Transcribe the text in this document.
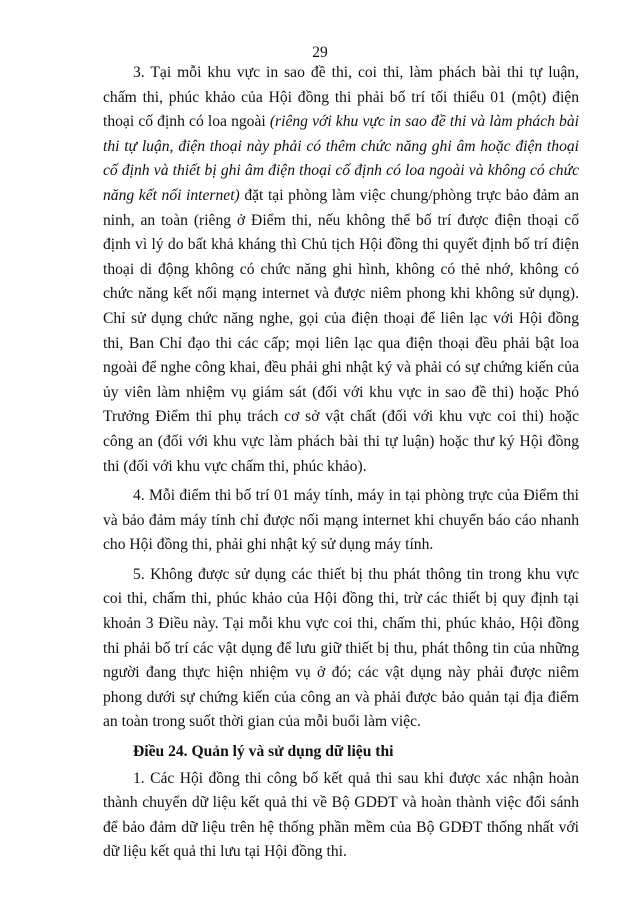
29

3. Tại mỗi khu vực in sao đề thi, coi thi, làm phách bài thi tự luận, chấm thi, phúc khảo của Hội đồng thi phải bố trí tối thiểu 01 (một) điện thoại cố định có loa ngoài (riêng với khu vực in sao đề thi và làm phách bài thi tự luận, điện thoại này phải có thêm chức năng ghi âm hoặc điện thoại cố định và thiết bị ghi âm điện thoại cố định có loa ngoài và không có chức năng kết nối internet) đặt tại phòng làm việc chung/phòng trực bảo đảm an ninh, an toàn (riêng ở Điểm thi, nếu không thể bố trí được điện thoại cố định vì lý do bất khả kháng thì Chủ tịch Hội đồng thi quyết định bố trí điện thoại di động không có chức năng ghi hình, không có thẻ nhớ, không có chức năng kết nối mạng internet và được niêm phong khi không sử dụng). Chỉ sử dụng chức năng nghe, gọi của điện thoại để liên lạc với Hội đồng thi, Ban Chỉ đạo thi các cấp; mọi liên lạc qua điện thoại đều phải bật loa ngoài để nghe công khai, đều phải ghi nhật ký và phải có sự chứng kiến của ủy viên làm nhiệm vụ giám sát (đối với khu vực in sao đề thi) hoặc Phó Trưởng Điểm thi phụ trách cơ sở vật chất (đối với khu vực coi thi) hoặc công an (đối với khu vực làm phách bài thi tự luận) hoặc thư ký Hội đồng thi (đối với khu vực chấm thi, phúc khảo).

4. Mỗi điểm thi bố trí 01 máy tính, máy in tại phòng trực của Điểm thi và bảo đảm máy tính chỉ được nối mạng internet khi chuyển báo cáo nhanh cho Hội đồng thi, phải ghi nhật ký sử dụng máy tính.

5. Không được sử dụng các thiết bị thu phát thông tin trong khu vực coi thi, chấm thi, phúc khảo của Hội đồng thi, trừ các thiết bị quy định tại khoản 3 Điều này. Tại mỗi khu vực coi thi, chấm thi, phúc khảo, Hội đồng thi phải bố trí các vật dụng để lưu giữ thiết bị thu, phát thông tin của những người đang thực hiện nhiệm vụ ở đó; các vật dụng này phải được niêm phong dưới sự chứng kiến của công an và phải được bảo quản tại địa điểm an toàn trong suốt thời gian của mỗi buổi làm việc.

Điều 24. Quản lý và sử dụng dữ liệu thi

1. Các Hội đồng thi công bố kết quả thi sau khi được xác nhận hoàn thành chuyển dữ liệu kết quả thi về Bộ GDĐT và hoàn thành việc đối sánh để bảo đảm dữ liệu trên hệ thống phần mềm của Bộ GDĐT thống nhất với dữ liệu kết quả thi lưu tại Hội đồng thi.
